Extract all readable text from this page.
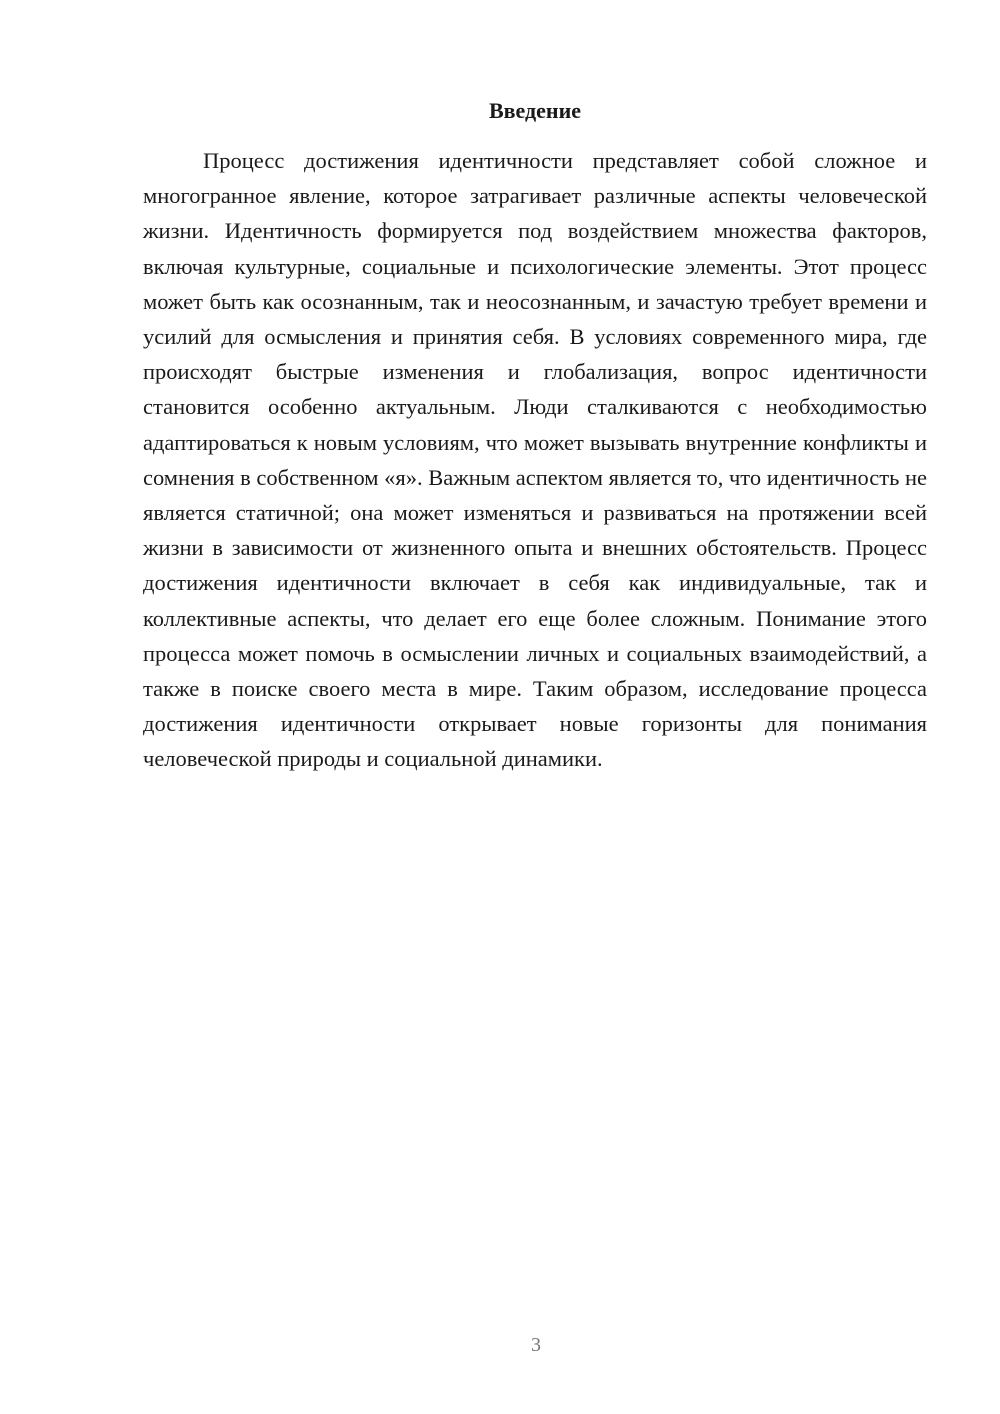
Введение

Процесс достижения идентичности представляет собой сложное и многогранное явление, которое затрагивает различные аспекты человеческой жизни. Идентичность формируется под воздействием множества факторов, включая культурные, социальные и психологические элементы. Этот процесс может быть как осознанным, так и неосознанным, и зачастую требует времени и усилий для осмысления и принятия себя. В условиях современного мира, где происходят быстрые изменения и глобализация, вопрос идентичности становится особенно актуальным. Люди сталкиваются с необходимостью адаптироваться к новым условиям, что может вызывать внутренние конфликты и сомнения в собственном «я». Важным аспектом является то, что идентичность не является статичной; она может изменяться и развиваться на протяжении всей жизни в зависимости от жизненного опыта и внешних обстоятельств. Процесс достижения идентичности включает в себя как индивидуальные, так и коллективные аспекты, что делает его еще более сложным. Понимание этого процесса может помочь в осмыслении личных и социальных взаимодействий, а также в поиске своего места в мире. Таким образом, исследование процесса достижения идентичности открывает новые горизонты для понимания человеческой природы и социальной динамики.

3
